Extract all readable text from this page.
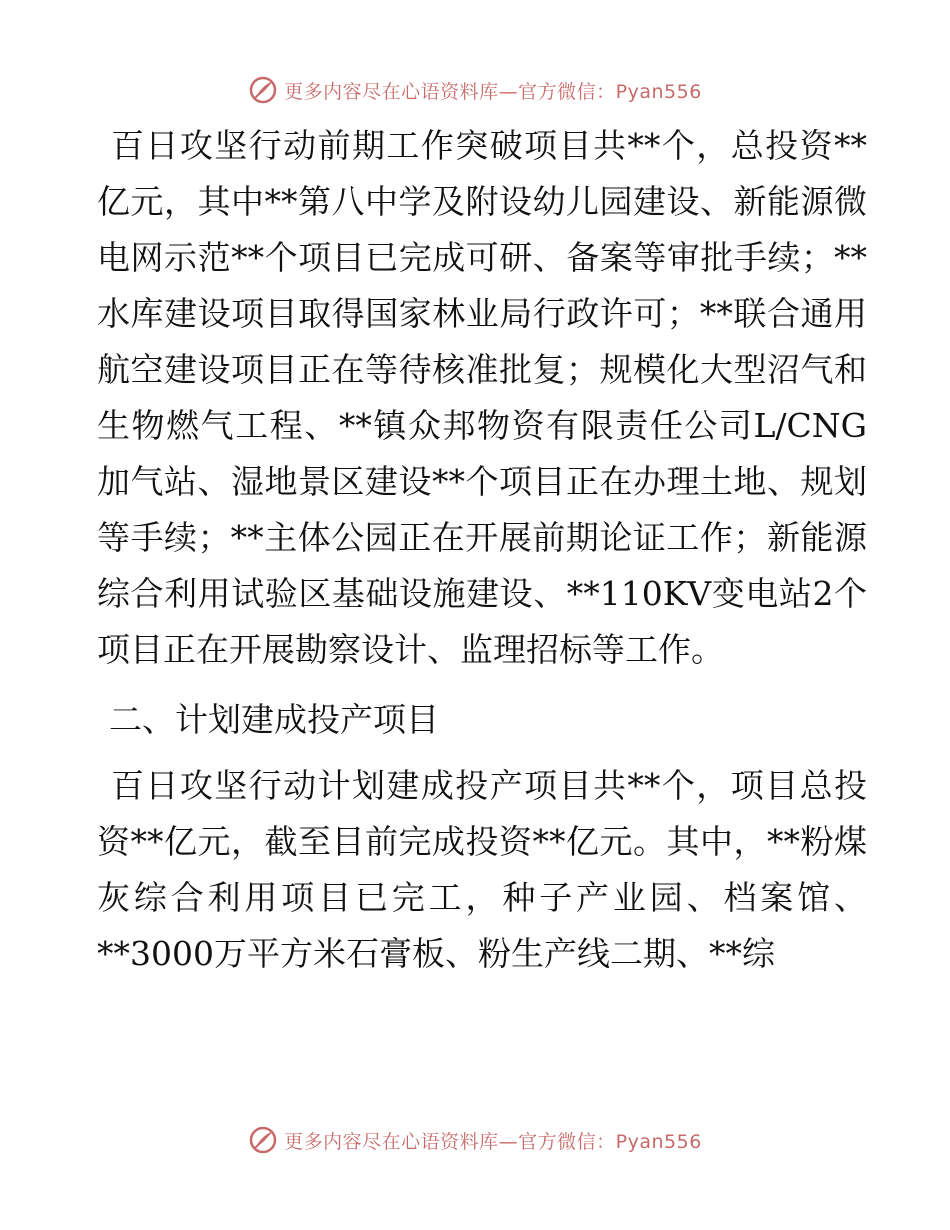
更多内容尽在心语资料库—官方微信：Pyan556

百日攻坚行动前期工作突破项目共**个，总投资**亿元，其中**第八中学及附设幼儿园建设、新能源微电网示范**个项目已完成可研、备案等审批手续；**水库建设项目取得国家林业局行政许可；**联合通用航空建设项目正在等待核准批复；规模化大型沼气和生物燃气工程、**镇众邦物资有限责任公司L/CNG加气站、湿地景区建设**个项目正在办理土地、规划等手续；**主体公园正在开展前期论证工作；新能源综合利用试验区基础设施建设、**110KV变电站2个项目正在开展勘察设计、监理招标等工作。

二、计划建成投产项目

百日攻坚行动计划建成投产项目共**个，项目总投资**亿元，截至目前完成投资**亿元。其中，**粉煤灰综合利用项目已完工，种子产业园、档案馆、**3000万平方米石膏板、粉生产线二期、**综

更多内容尽在心语资料库—官方微信：Pyan556
